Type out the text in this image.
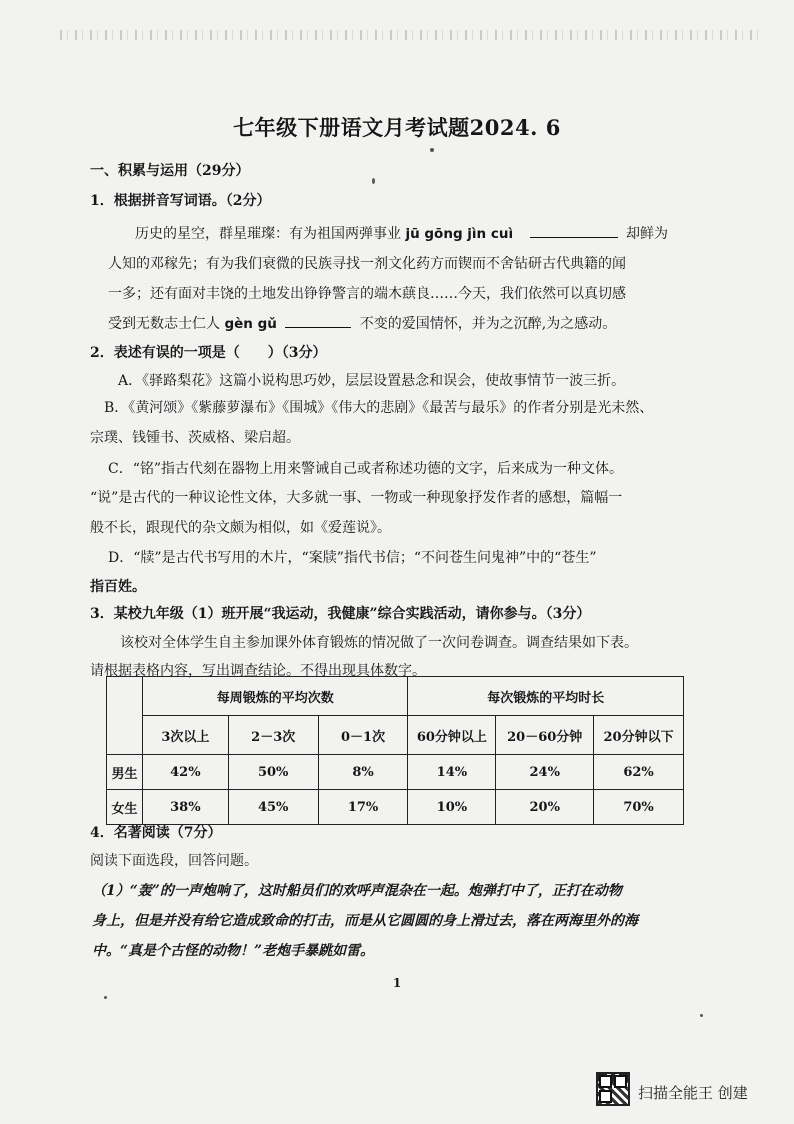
七年级下册语文月考试题2024. 6
一、积累与运用（29分）
1．根据拼音写词语。（2分）
历史的星空，群星璀璨：有为祖国两弹事业 jū gōng jìn cuì	却鲜为
人知的邓稼先；有为我们衰微的民族寻找一剂文化药方而锲而不舍钻研古代典籍的闻
一多；还有面对丰饶的土地发出铮铮警言的端木蕻良……今天，我们依然可以真切感
受到无数志士仁人 gèn gǔ	不变的爱国情怀，并为之沉醉,为之感动。
2．表述有误的一项是（　　）（3分）
A．《驿路梨花》这篇小说构思巧妙，层层设置悬念和误会，使故事情节一波三折。
B．《黄河颂》《紫藤萝瀑布》《围城》《伟大的悲剧》《最苦与最乐》的作者分别是光未然、
宗璞、钱锺书、茨威格、梁启超。
C．“铭”指古代刻在器物上用来警诫自己或者称述功德的文字，后来成为一种文体。
“说”是古代的一种议论性文体，大多就一事、一物或一种现象抒发作者的感想，篇幅一
般不长，跟现代的杂文颇为相似，如《爱莲说》。
D．“牍”是古代书写用的木片，“案牍”指代书信；“不问苍生问鬼神”中的“苍生”
指百姓。
3．某校九年级（1）班开展“我运动，我健康”综合实践活动，请你参与。（3分）
该校对全体学生自主参加课外体育锻炼的情况做了一次问卷调查。调查结果如下表。
请根据表格内容，写出调查结论。不得出现具体数字。
	每周锻炼的平均次数			每次锻炼的平均时长		
	3次以上	2－3次	0－1次	60分钟以上	20－60分钟	20分钟以下
男生	42%	50%	8%	14%	24%	62%
女生	38%	45%	17%	10%	20%	70%
4．名著阅读（7分）
阅读下面选段，回答问题。
（1）“轰”的一声炮响了，这时船员们的欢呼声混杂在一起。炮弹打中了，正打在动物
身上，但是并没有给它造成致命的打击，而是从它圆圆的身上滑过去，落在两海里外的海
中。“真是个古怪的动物！”老炮手暴跳如雷。
1
扫描全能王 创建
